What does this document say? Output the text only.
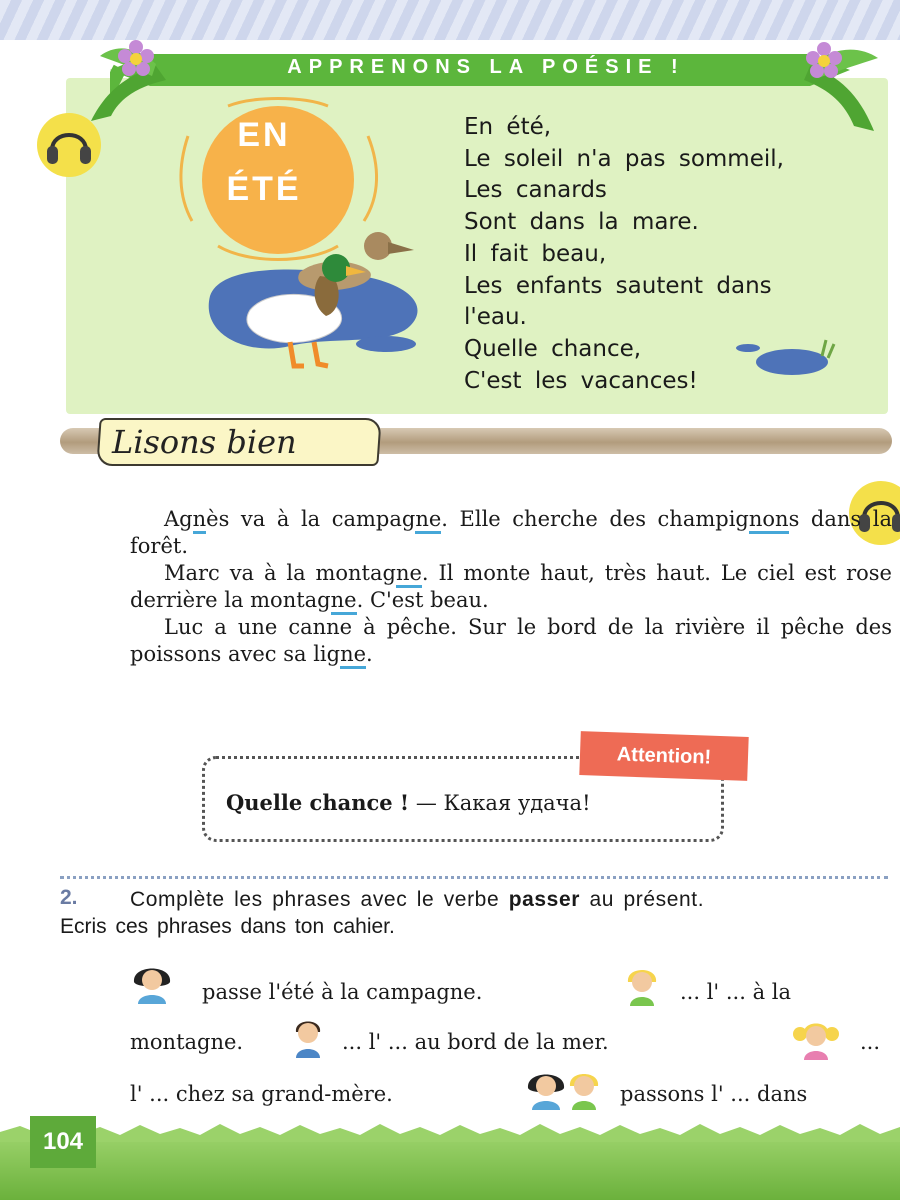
APPRENONS LA POÉSIE !
EN
ÉTÉ
En été,
Le soleil n'a pas sommeil,
Les canards
Sont dans la mare.
Il fait beau,
Les enfants sautent dans
l'eau.
Quelle chance,
C'est les vacances!
Lisons bien

Agnès va à la campagne. Elle cherche des champignons dans la forêt.

Marc va à la montagne. Il monte haut, très haut. Le ciel est rose derrière la montagne. C'est beau.

Luc a une canne à pêche. Sur le bord de la rivière il pêche des poissons avec sa ligne.

Attention!
Quelle chance ! — Какая удача!
2.	Complète les phrases avec le verbe passer au présent.
Ecris ces phrases dans ton cahier.
passe l'été à la campagne.	... l' ... à la
montagne.	... l' ... au bord de la mer.	...
l' ... chez sa grand-mère.	passons l' ... dans
104
